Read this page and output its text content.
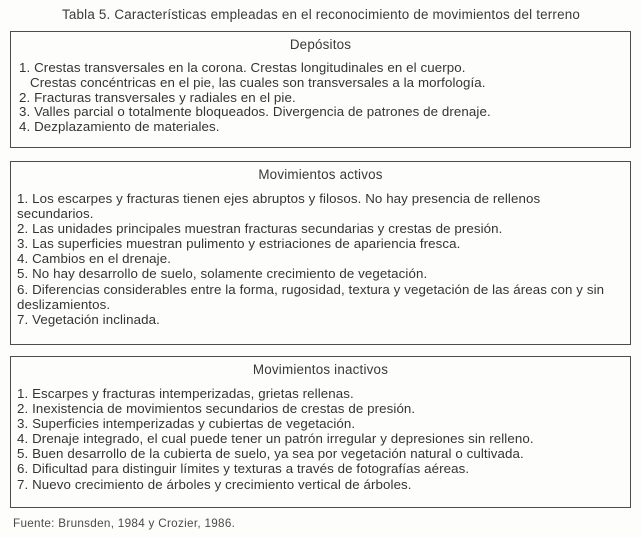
Tabla 5. Características empleadas en el reconocimiento de movimientos del terreno
Depósitos
1. Crestas transversales en la corona. Crestas longitudinales en el cuerpo.
Crestas concéntricas en el pie, las cuales son transversales a la morfología.
2. Fracturas transversales y radiales en el pie.
3. Valles parcial o totalmente bloqueados. Divergencia de patrones de drenaje.
4. Dezplazamiento de materiales.
Movimientos activos
1. Los escarpes y fracturas tienen ejes abruptos y filosos. No hay presencia de rellenos
secundarios.
2. Las unidades principales muestran fracturas secundarias y crestas de presión.
3. Las superficies muestran pulimento y estriaciones de apariencia fresca.
4. Cambios en el drenaje.
5. No hay desarrollo de suelo, solamente crecimiento de vegetación.
6. Diferencias considerables entre la forma, rugosidad, textura y vegetación de las áreas con y sin
deslizamientos.
7. Vegetación inclinada.
Movimientos inactivos
1. Escarpes y fracturas intemperizadas, grietas rellenas.
2. Inexistencia de movimientos secundarios de crestas de presión.
3. Superficies intemperizadas y cubiertas de vegetación.
4. Drenaje integrado, el cual puede tener un patrón irregular y depresiones sin relleno.
5. Buen desarrollo de la cubierta de suelo, ya sea por vegetación natural o cultivada.
6. Dificultad para distinguir límites y texturas a través de fotografías aéreas.
7. Nuevo crecimiento de árboles y crecimiento vertical de árboles.
Fuente: Brunsden, 1984 y Crozier, 1986.
